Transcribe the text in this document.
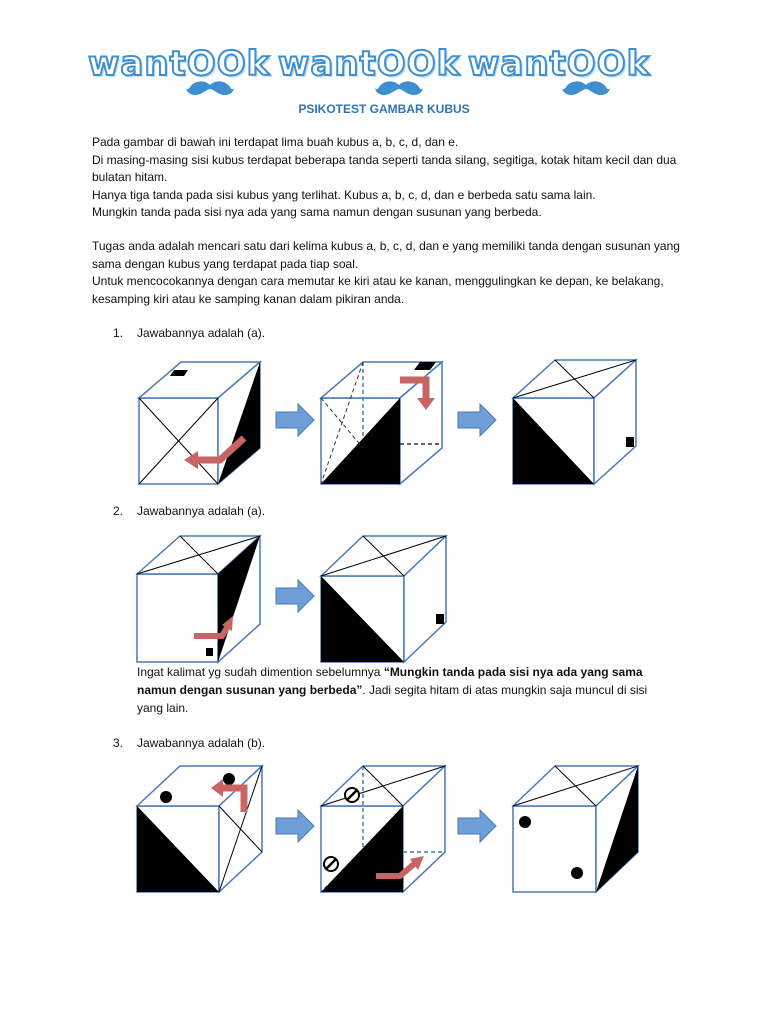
wantOOk wantOOk wantOOk
PSIKOTEST GAMBAR KUBUS

Pada gambar di bawah ini terdapat lima buah kubus a, b, c, d, dan e.

Di masing-masing sisi kubus terdapat beberapa tanda seperti tanda silang, segitiga, kotak hitam kecil dan dua bulatan hitam.

Hanya tiga tanda pada sisi kubus yang terlihat. Kubus a, b, c, d, dan e berbeda satu sama lain.

Mungkin tanda pada sisi nya ada yang sama namun dengan susunan yang berbeda.

Tugas anda adalah mencari satu dari kelima kubus a, b, c, d, dan e yang memiliki tanda dengan susunan yang sama dengan kubus yang terdapat pada tiap soal.

Untuk mencocokannya dengan cara memutar ke kiri atau ke kanan, menggulingkan ke depan, ke belakang, kesamping kiri atau ke samping kanan dalam pikiran anda.

1. Jawabannya adalah (a).
2. Jawabannya adalah (a).
3. Jawabannya adalah (b).
Ingat kalimat yg sudah dimention sebelumnya “Mungkin tanda pada sisi nya ada yang sama namun dengan susunan yang berbeda”. Jadi segita hitam di atas mungkin saja muncul di sisi yang lain.
